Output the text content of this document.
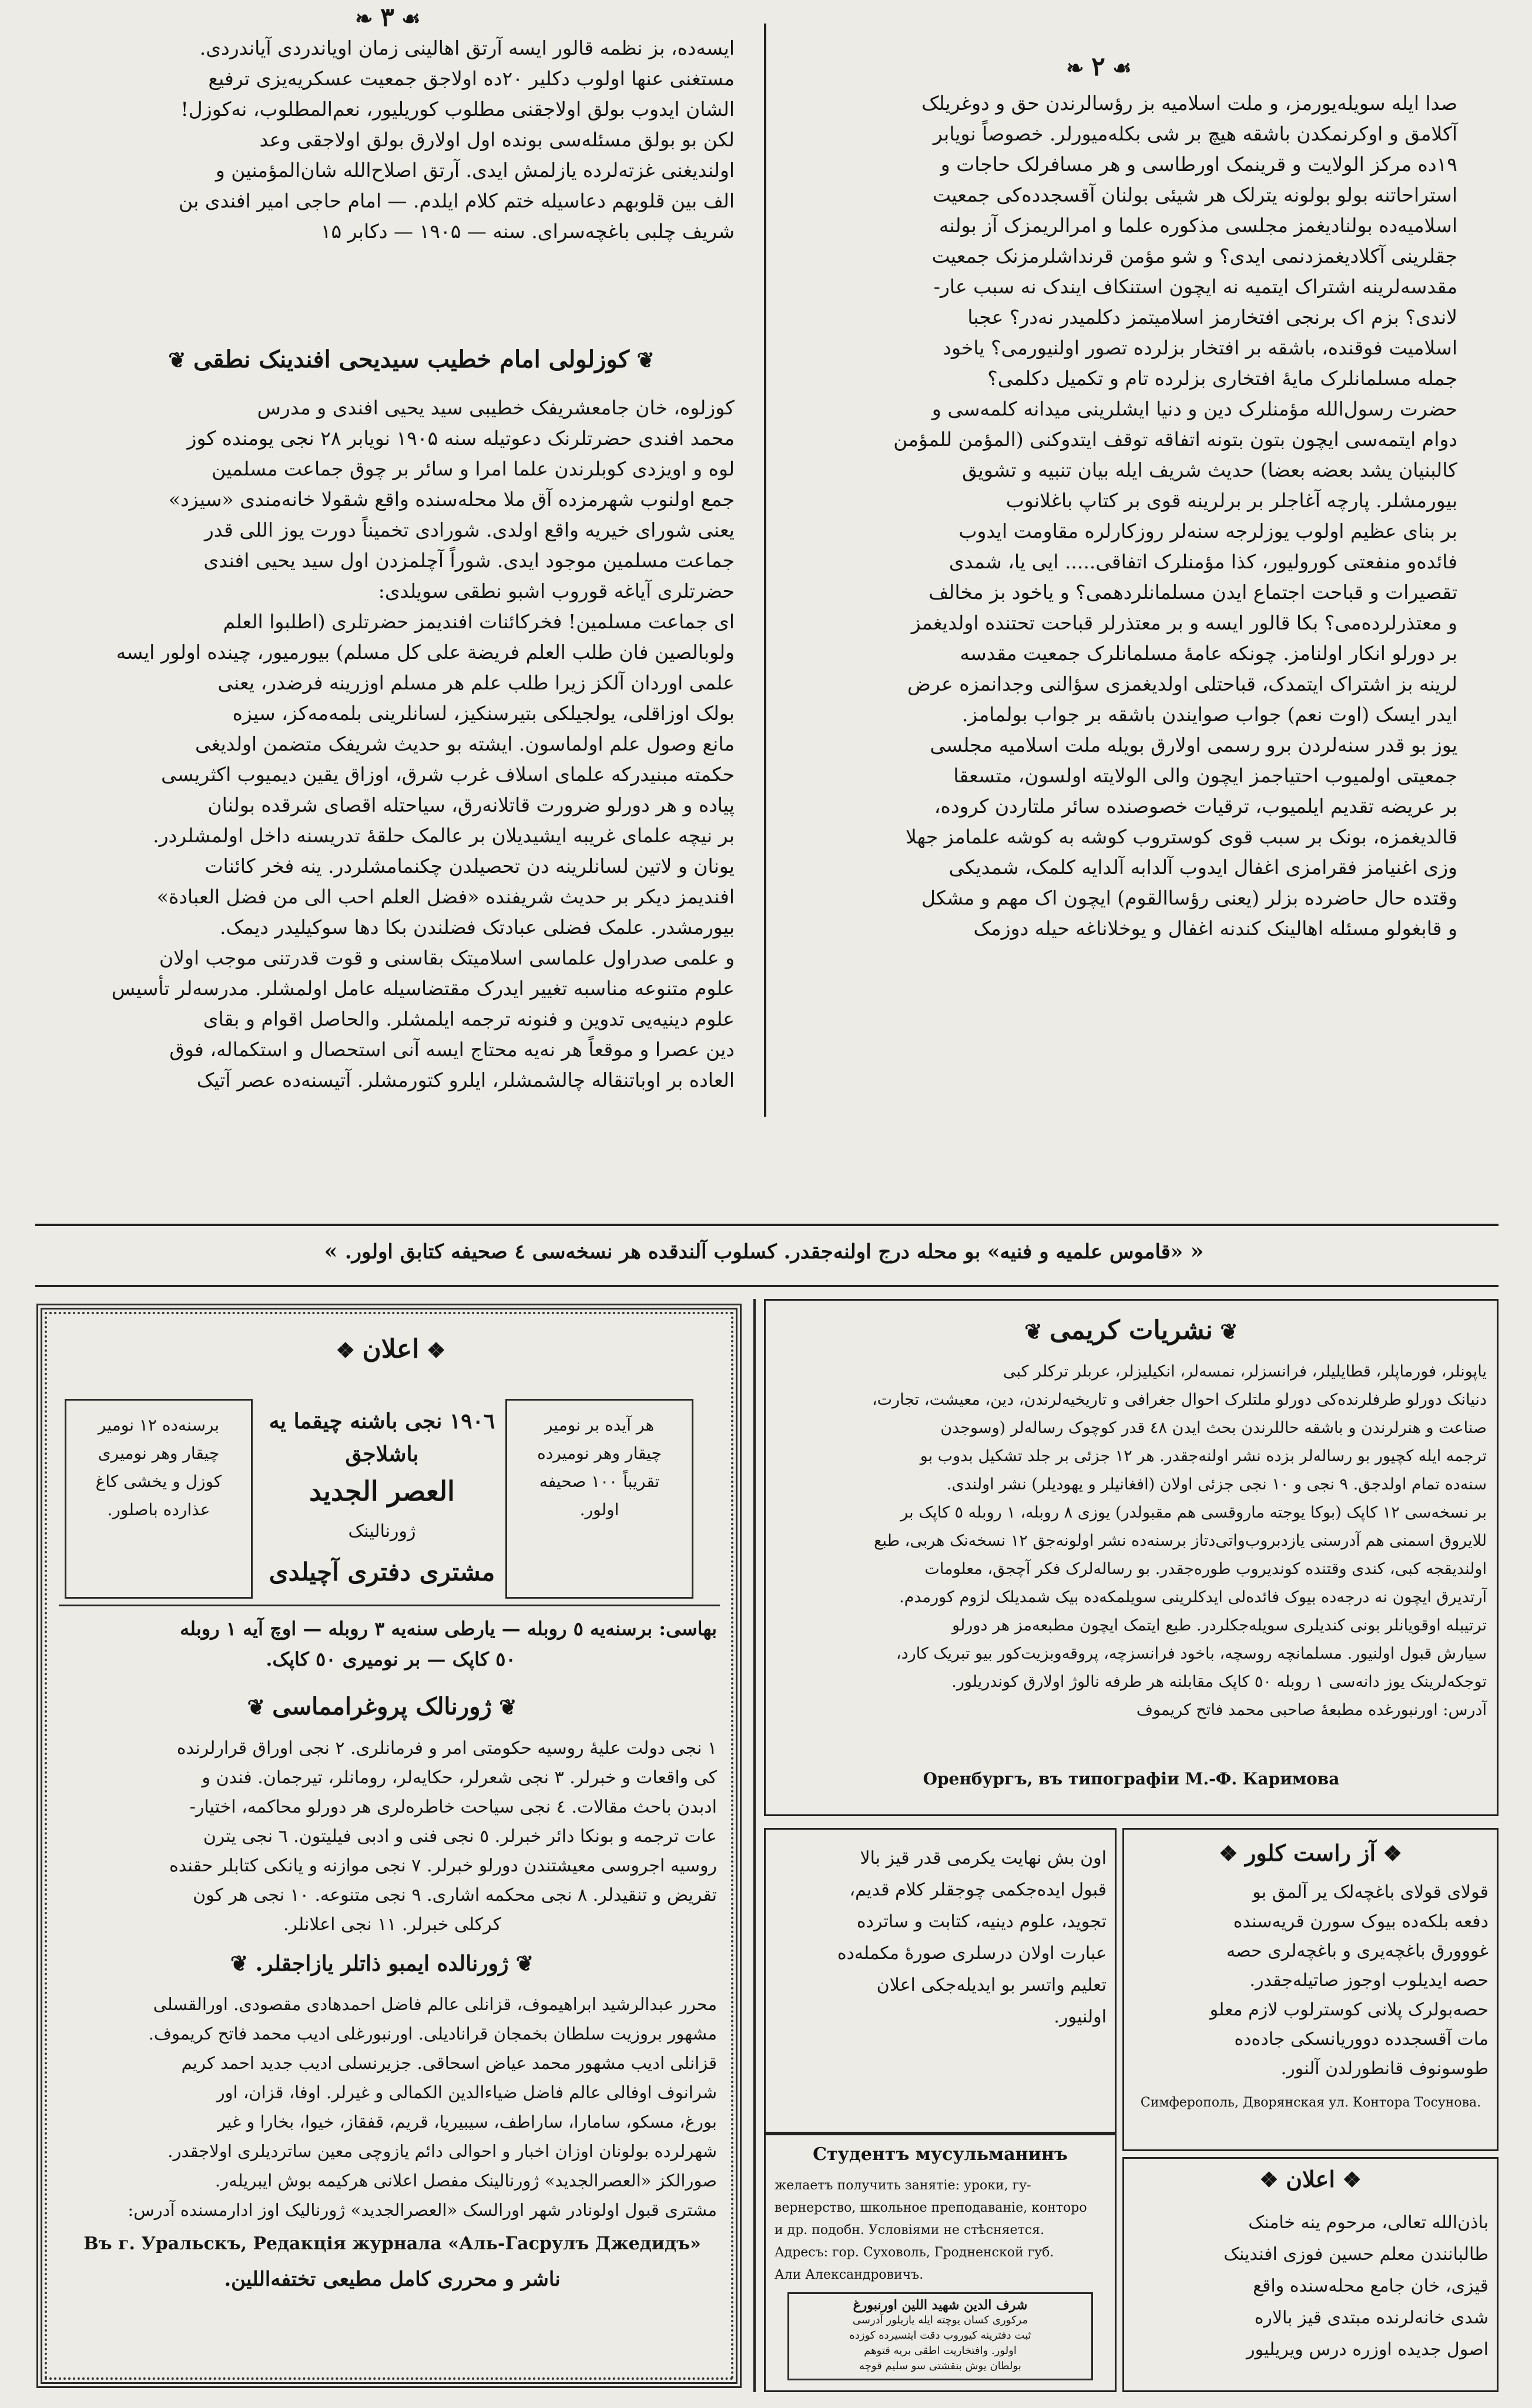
❧ ۳ ☙
❧ ۲ ☙
صدا ایله سویله‌یورمز، و ملت اسلامیه بز رؤسالرندن حق و دوغریلک
آکلامق و اوکرنمکدن باشقه هیچ بر شی بکله‌میورلر. خصوصاً نویابر
۱۹ده مرکز الولایت و قرینمک اورطاسی و هر مسافرلک حاجات و
استراحاتنه بولو بولونه یترلک هر شیئی بولنان آقسجدده‌کی جمعیت
اسلامیه‌ده بولنادیغمز مجلسی مذکوره علما و امرالریمزک آز بولنه
جقلرینی آکلادیغمزدنمی ایدی؟ و شو مؤمن قرنداشلرمزنک جمعیت
مقدسه‌لرینه اشتراک ایتمیه نه ایچون استنکاف ایندک نه سبب عار-
لاندی؟ بزم اک برنجی افتخارمز اسلامیتمز دکلمیدر نه‌در؟ عجبا
اسلامیت فوقنده، باشقه بر افتخار بزلرده تصور اولنیورمی؟ یاخود
جمله مسلمانلرک مایهٔ افتخاری بزلرده تام و تکمیل دکلمی؟
حضرت رسول‌الله مؤمنلرک دین و دنیا ایشلرینی میدانه کلمه‌سی و
دوام ایتمه‌سی ایچون بتون بتونه اتفاقه توقف ایتدوکنی (المؤمن للمؤمن
کالبنیان یشد بعضه بعضا) حدیث شریف ایله بیان تنبیه و تشویق
بیورمشلر. پارچه آغاجلر بر برلرینه قوی بر کتاپ باغلانوب
بر بنای عظیم اولوب یوزلرجه سنه‌لر روزکارلره مقاومت ایدوب
فائده‌و منفعتی کورولیور، کذا مؤمنلرک اتفاقی..... ایی یا، شمدی
تقصیرات و قباحت اجتماع ایدن مسلمانلردهمی؟ و یاخود بز مخالف
و معتذرلرده‌می؟ بکا قالور ایسه و بر معتذرلر قباحت تحتنده اولدیغمز
بر دورلو انکار اولنامز. چونکه عامهٔ مسلمانلرک جمعیت مقدسه
لرینه بز اشتراک ایتمدک، قباحتلی اولدیغمزی سؤالنی وجدانمزه عرض
ایدر ایسک (اوت نعم) جواب صوایندن باشقه بر جواب بولمامز.
یوز بو قدر سنه‌لردن برو رسمی اولارق بویله ملت اسلامیه مجلسی
جمعیتی اولمیوب احتیاجمز ایچون والی الولایته اولسون، متسعقا
بر عریضه تقدیم ایلمیوب، ترقیات خصوصنده سائر ملتاردن کروده،
قالدیغمزه، بونک بر سبب قوی کوستروب کوشه به کوشه علمامز جهلا
وزی اغنیامز فقرامزی اغفال ایدوب آلدابه آلدایه کلمک، شمدیکی
وقتده حال حاضرده بزلر (یعنی رؤساالقوم) ایچون اک مهم و مشکل
و قابغولو مسئله اهالینک کندنه اغفال و یوخلاناغه حیله دوزمک
ایسه‌ده، بز نظمه قالور ایسه آرتق اهالینی زمان اویاندردی آیاندردی.
مستغنی عنها اولوب دکلیر ۲۰ده اولاجق جمعیت عسکریه‌یزی ترفیع
الشان ایدوب بولق اولاجقنی مطلوب کوریلیور، نعم‌المطلوب، نه‌کوزل!
لکن بو بولق مسئله‌سی بونده اول اولارق بولق اولاجقی وعد
اولندیغنی غزته‌لرده یازلمش ایدی. آرتق اصلاح‌الله شان‌المؤمنین و
الف بین قلوبهم دعاسیله ختم کلام ایلدم. — امام حاجی امیر افندی بن
شریف چلبی باغچه‌سرای. سنه — ۱۹۰۵ — دکابر ۱۵
❦ کوزلولی امام خطیب سیدیحی افندینک نطقی ❦
کوزلوه، خان جامعشریفک خطیبی سید یحیی افندی و مدرس
محمد افندی حضرتلرنک دعوتیله سنه ۱۹۰۵ نویابر ۲۸ نجی یومنده کوز
لوه و اویزدی کوبلرندن علما امرا و سائر بر چوق جماعت مسلمین
جمع اولنوب شهرمزده آق ملا محله‌سنده واقع شقولا خانه‌مندی «سیزد»
یعنی شورای خیریه واقع اولدی. شورادی تخمیناً دورت یوز اللی قدر
جماعت مسلمین موجود ایدی. شوراً آچلمزدن اول سید یحیی افندی
حضرتلری آیاغه قوروب اشبو نطقی سویلدی:
ای جماعت مسلمین! فخرکائنات افندیمز حضرتلری (اطلبوا العلم
ولوبالصین فان طلب العلم فریضة علی کل مسلم) بیورمیور، چینده اولور ایسه
علمی اوردان آلکز زیرا طلب علم هر مسلم اوزرینه فرضدر، یعنی
بولک اوزاقلی، یولجیلکی بتیرسنکیز، لسانلرینی بلمه‌مه‌کز، سیزه
مانع وصول علم اولماسون. ایشته بو حدیث شریفک متضمن اولدیغی
حکمته مبنیدرکه علمای اسلاف غرب شرق، اوزاق یقین دیمیوب اکثریسی
پیاده و هر دورلو ضرورت قاتلانه‌رق، سیاحتله اقصای شرقده بولنان
بر نیچه علمای غریبه ایشیدیلان بر عالمک حلقهٔ تدریسنه داخل اولمشلردر.
یونان و لاتین لسانلرینه دن تحصیلدن چکنمامشلردر. ینه فخر کائنات
افندیمز دیکر بر حدیث شریفنده «فضل العلم احب الی من فضل العبادة»
بیورمشدر. علمک فضلی عبادتک فضلندن بکا دها سوکیلیدر دیمک.
و علمی صدراول علماسی اسلامیتک بقاسنی و قوت قدرتنی موجب اولان
علوم متنوعه مناسبه تغییر ایدرک مقتضاسیله عامل اولمشلر. مدرسه‌لر تأسیس
علوم دینیه‌یی تدوین و فنونه ترجمه ایلمشلر. والحاصل اقوام و بقای
دین عصرا و موقعاً هر نه‌یه محتاج ایسه آنی استحصال و استکماله، فوق
العاده بر اوباتنقاله چالشمشلر، ایلرو کتورمشلر. آتیسنه‌ده عصر آتیک
« «قاموس علمیه و فنیه» بو محله درج اولنه‌جقدر. کسلوب آلندقده هر نسخه‌سی ٤ صحیفه کتابق اولور. »
❖ اعلان ❖
هر آیده بر نومیر
چیقار وهر نومیرده
تقریباً ۱۰۰ صحیفه
اولور.
برسنه‌ده ۱۲ نومیر
چیقار وهر نومیری
کوزل و یخشی کاغ
عذارده باصلور.
۱۹۰٦ نجی باشنه چیقما یه باشلاجق
العصر الجدید
ژورنالینک
مشتری دفتری آچیلدی
بهاسی: برسنه‌یه ٥ روبله — یارطی سنه‌یه ۳ روبله — اوچ آیه ۱ روبله
٥۰ کاپک — بر نومیری ٥۰ کاپک.
❦ ژورنالک پروغرامماسی ❦
۱ نجی دولت علیهٔ روسیه حکومتی امر و فرمانلری. ۲ نجی اوراق قرارلرنده
کی واقعات و خبرلر. ۳ نجی شعرلر، حکایه‌لر، رومانلر، تیرجمان. فندن و
ادبدن باحث مقالات. ٤ نجی سیاحت خاطره‌لری هر دورلو محاکمه، اختیار-
عات ترجمه و بونکا دائر خبرلر. ٥ نجی فنی و ادبی فیلیتون. ٦ نجی یترن
روسیه اجروسی معیشتندن دورلو خبرلر. ۷ نجی موازنه و یانکی کتابلر حقنده
تقریض و تنقیدلر. ۸ نجی محکمه اشاری. ۹ نجی متنوعه. ۱۰ نجی هر کون
کرکلی خبرلر. ۱۱ نجی اعلانلر.
❦ ژورنالده ایمبو ذاتلر یازاجقلر. ❦
محرر عبدالرشید ابراهیموف، قزانلی عالم فاضل احمدهادی مقصودی. اورالقسلی
مشهور بروزیت سلطان بخمجان قرانادیلی. اورنبورغلی ادیب محمد فاتح کریموف.
قزانلی ادیب مشهور محمد عیاض اسحاقی. جزیرنسلی ادیب جدید احمد کریم
شرانوف اوفالی عالم فاضل ضیاءالدین الکمالی و غیرلر. اوفا، قزان، اور
بورغ، مسکو، سامارا، ساراطف، سیبیریا، قریم، قفقاز، خیوا، بخارا و غیر
شهرلرده بولونان اوزان اخبار و احوالی دائم یازوچی معین ساتردیلری اولاجقدر.
صورالکز «العصرالجدید» ژورنالینک مفصل اعلانی هرکیمه بوش ایبریله‌ر.
مشتری قبول اولونادر شهر اورالسک «العصرالجدید» ژورنالیک اوز ادارمسنده آدرس:
Въ г. Уральскъ, Редакція журнала «Аль-Гасрулъ Джедидъ»
ناشر و محرری کامل مطیعی تختفه‌اللین.
❦ نشریات کریمی ❦
یاپونلر، فورماپلر، قطایلیلر، فرانسزلر، نمسه‌لر، انکیلیزلر، عربلر ترکلر کبی
دنیانک دورلو طرفلرنده‌کی دورلو ملتلرک احوال جغرافی و تاریخیه‌لرندن، دین، معیشت، تجارت،
صناعت و هنرلرندن و باشقه حاللرندن بحث ایدن ٤۸ قدر کوچوک رساله‌لر (وسوجدن
ترجمه ایله کچیور بو رساله‌لر بزده نشر اولنه‌جقدر. هر ۱۲ جزئی بر جلد تشکیل بدوب بو
سنه‌ده تمام اولدجق. ۹ نجی و ۱۰ نجی جزئی اولان (افغانیلر و یهودیلر) نشر اولندی.
بر نسخه‌سی ۱۲ کاپک (بوکا یوجته ماروقسی هم مقبولدر) یوزی ۸ روبله، ۱ روبله ٥ کاپک بر
للایروق اسمنی هم آدرسنی یازدبروب‌واتی‌دتاز برسنه‌ده نشر اولونه‌جق ۱۲ نسخه‌نک هربی، طبع
اولندیقجه کبی، کندی وقتنده کوندیروب طوره‌جقدر. بو رساله‌لرک فکر آچجق، معلومات
آرتدیرق ایچون نه درجه‌ده بیوک فائده‌لی ایدکلرینی سویلمکه‌ده بیک شمدیلک لزوم کورمدم.
ترتیبله اوقویانلر بونی کندیلری سویله‌جکلردر. طبع ایتمک ایچون مطبعه‌مز هر دورلو
سیارش قبول اولنیور. مسلمانچه روسچه، باخود فرانسزچه، پروقه‌وبزیت‌کور بیو تبریک کارد،
توجکه‌لرینک یوز دانه‌سی ۱ روبله ٥۰ کاپک مقابلنه هر طرفه نالوژ اولارق کوندریلور.
آدرس: اورنبورغده مطبعهٔ صاحبی محمد فاتح کریموف
Оренбургъ, въ типографіи М.-Ф. Каримова
اون بش نهایت یکرمی قدر قیز بالا
قبول ایده‌جکمی چوجقلر کلام قدیم،
تجوید، علوم دینیه، کتابت و ساترده
عبارت اولان درسلری صورهٔ مکمله‌ده
تعلیم واتسر بو ایدیله‌جکی اعلان
اولنیور.
Студентъ мусульманинъ
желаетъ получить занятіе: уроки, гу-
вернерство, школьное преподаваніе, конторо
и др. подобн. Условіями не стѣсняется.
Адресъ: гор. Суховоль, Гродненской губ.
Али Александровичъ.
شرف الدین شهید اللین اورنبورغ
مرکوری کسان یوچته ایله یازیلور آدرسی
ثبت دفترینه کیوروب دقت ایتسیرده کوزده
اولور. وافتخاریت اطقی بریه قتوهم
بولطان یوش بنقشتی سو سلیم قوچه
❖ آز راست کلور ❖
قولای قولای باغچه‌لک یر آلمق بو
دفعه بلکه‌ده بیوک سورن قریه‌سنده
غووورق باغچه‌یری و باغچه‌لری حصه
حصه ایدیلوب اوجوز صاتیله‌جقدر.
حصه‌بولرک پلانی کوسترلوب لازم معلو
مات آقسجدده دووریانسکی جاده‌ده
طوسونوف قانطورلدن آلنور.
Симферополь, Дворянская ул. Контора Тосунова.
❖ اعلان ❖
باذن‌الله تعالی، مرحوم ینه خامنک
طالبانندن معلم حسین فوزی افندینک
قیزی، خان جامع محله‌سنده واقع
شدی خانه‌لرنده مبتدی قیز بالاره
اصول جدیده اوزره درس ویریلیور
